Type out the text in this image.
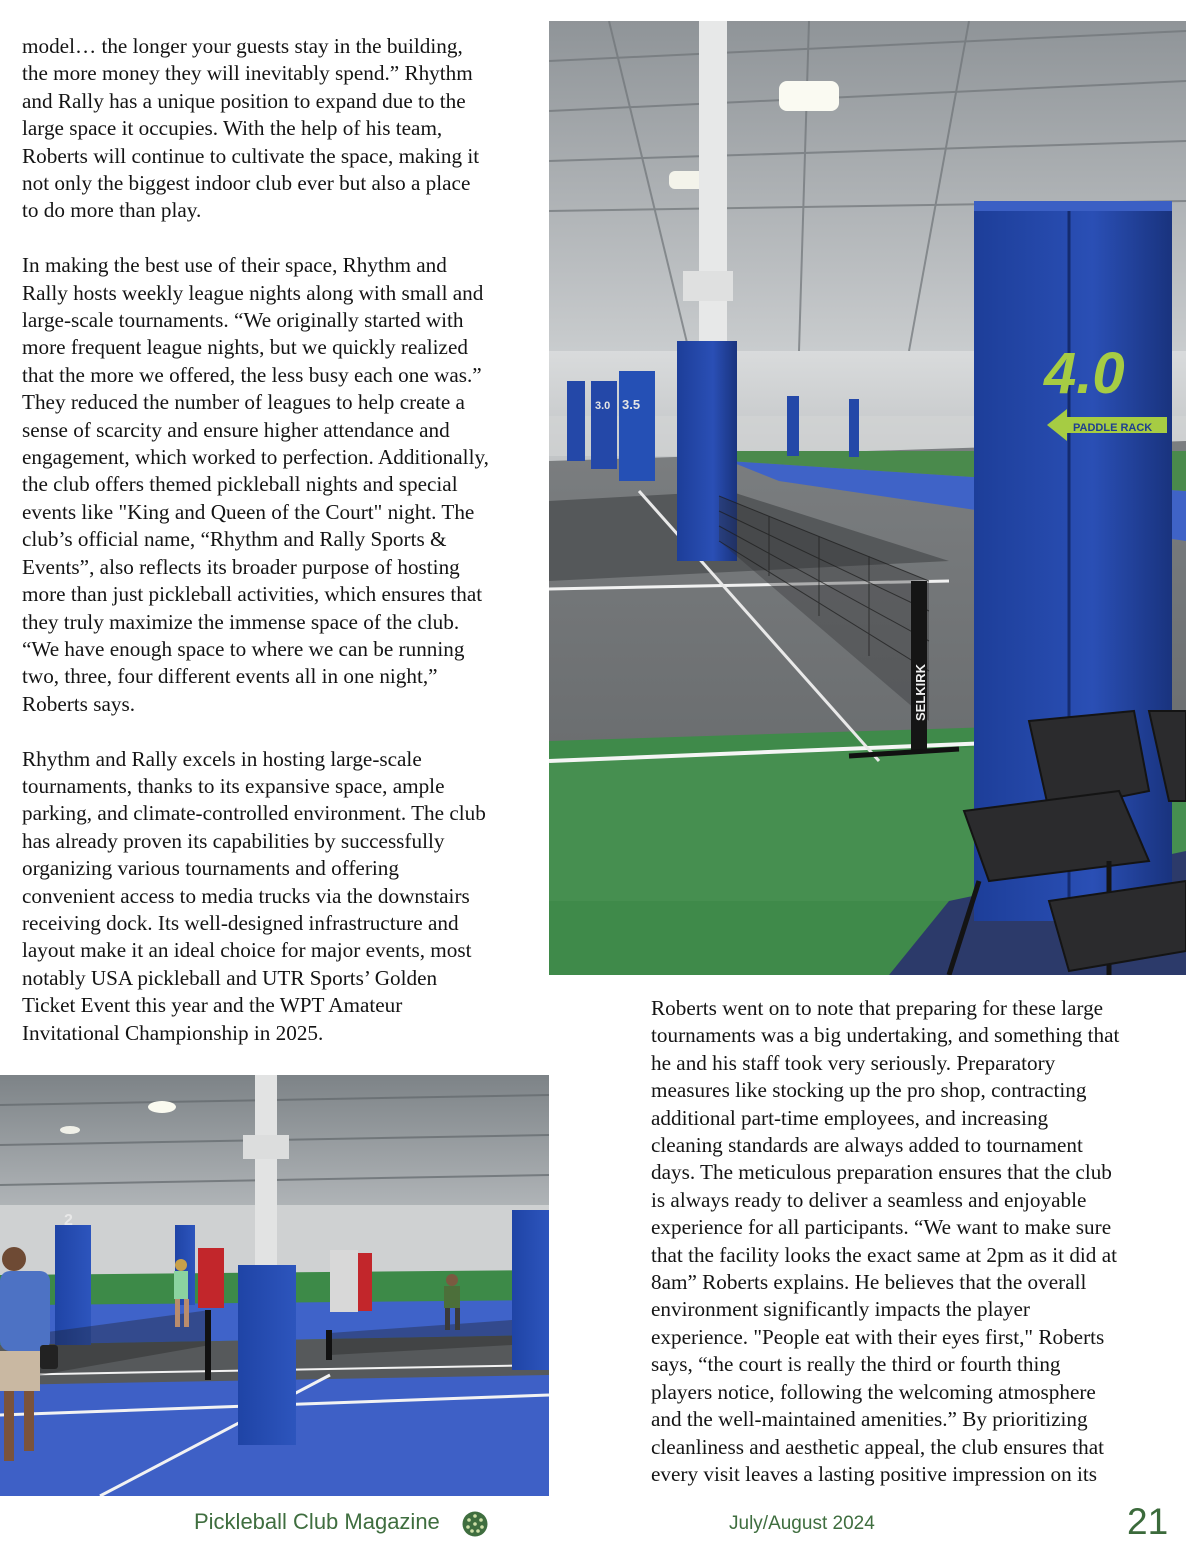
model… the longer your guests stay in the building,
the more money they will inevitably spend.” Rhythm
and Rally has a unique position to expand due to the
large space it occupies. With the help of his team,
Roberts will continue to cultivate the space, making it
not only the biggest indoor club ever but also a place
to do more than play.

In making the best use of their space, Rhythm and
Rally hosts weekly league nights along with small and
large-scale tournaments. “We originally started with
more frequent league nights, but we quickly realized
that the more we offered, the less busy each one was.”
They reduced the number of leagues to help create a
sense of scarcity and ensure higher attendance and
engagement, which worked to perfection. Additionally,
the club offers themed pickleball nights and special
events like "King and Queen of the Court" night. The
club’s official name, “Rhythm and Rally Sports &
Events”, also reflects its broader purpose of hosting
more than just pickleball activities, which ensures that
they truly maximize the immense space of the club.
“We have enough space to where we can be running
two, three, four different events all in one night,”
Roberts says.

Rhythm and Rally excels in hosting large-scale
tournaments, thanks to its expansive space, ample
parking, and climate-controlled environment. The club
has already proven its capabilities by successfully
organizing various tournaments and offering
convenient access to media trucks via the downstairs
receiving dock. Its well-designed infrastructure and
layout make it an ideal choice for major events, most
notably USA pickleball and UTR Sports’ Golden
Ticket Event this year and the WPT Amateur
Invitational Championship in 2025.

3.0 3.5
SELKIRK
4.0
PADDLE RACK
2

Roberts went on to note that preparing for these large
tournaments was a big undertaking, and something that
he and his staff took very seriously. Preparatory
measures like stocking up the pro shop, contracting
additional part-time employees, and increasing
cleaning standards are always added to tournament
days. The meticulous preparation ensures that the club
is always ready to deliver a seamless and enjoyable
experience for all participants. “We want to make sure
that the facility looks the exact same at 2pm as it did at
8am” Roberts explains. He believes that the overall
environment significantly impacts the player
experience. "People eat with their eyes first," Roberts
says, “the court is really the third or fourth thing
players notice, following the welcoming atmosphere
and the well-maintained amenities.” By prioritizing
cleanliness and aesthetic appeal, the club ensures that
every visit leaves a lasting positive impression on its

Pickleball Club Magazine	July/August 2024	21
